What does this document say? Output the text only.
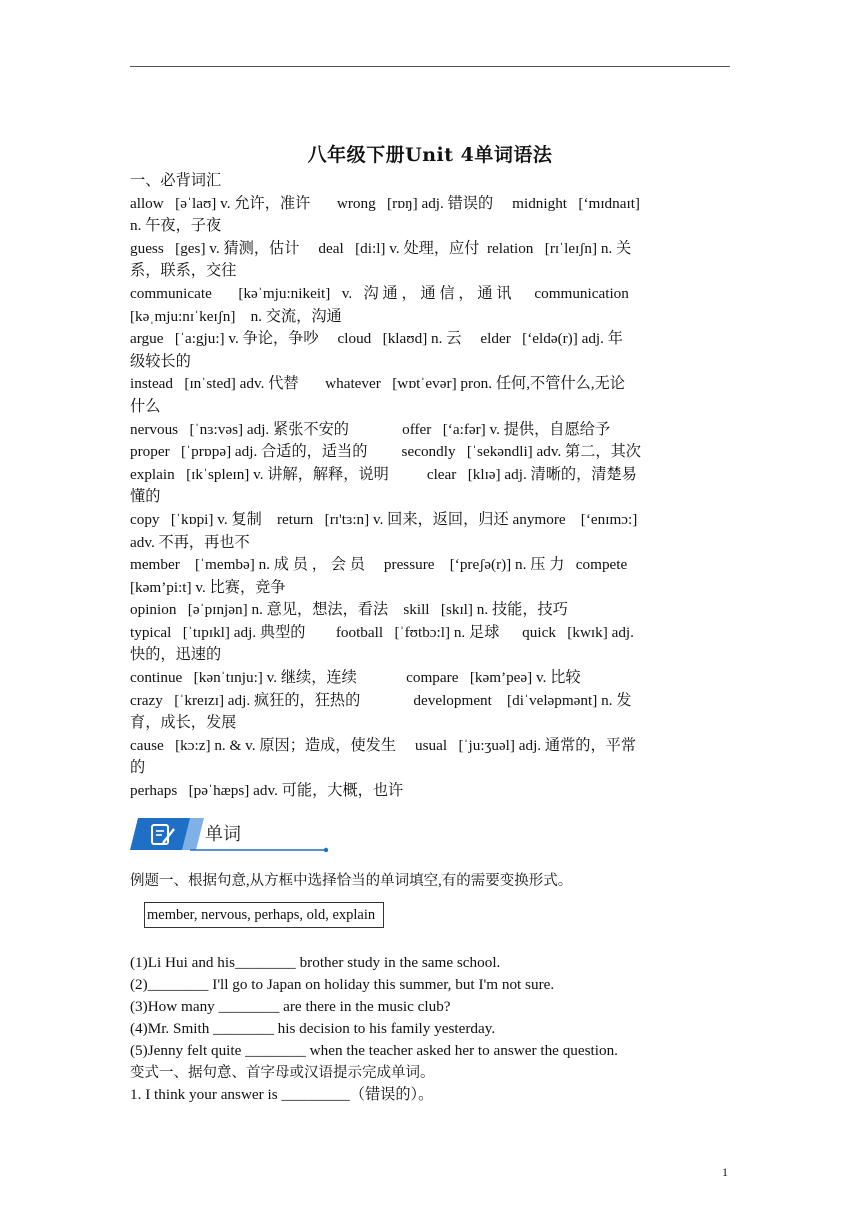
八年级下册Unit 4单词语法
一、必背词汇
allow   [əˈlaʊ] v. 允许，准许       wrong   [rɒŋ] adj. 错误的     midnight   [‘mɪdnaɪt]
n. 午夜，子夜
guess   [ges] v. 猜测，估计     deal   [di:l] v. 处理，应付  relation   [rɪˈleɪʃn] n. 关
系，联系，交往
communicate       [kəˈmju:nikeit]   v.   沟 通 ， 通 信 ， 通 讯      communication
[kəˌmju:nɪˈkeɪʃn]    n. 交流，沟通
argue   [ˈa:gju:] v. 争论，争吵     cloud   [klaʊd] n. 云     elder   [‘eldə(r)] adj. 年
级较长的
instead   [ɪnˈsted] adv. 代替       whatever   [wɒtˈevər] pron. 任何,不管什么,无论
什么
nervous   [ˈnɜ:vəs] adj. 紧张不安的              offer   [‘a:fər] v. 提供，自愿给予
proper   [ˈprɒpə] adj. 合适的，适当的         secondly   [ˈsekəndli] adv. 第二，其次
explain   [ɪkˈspleɪn] v. 讲解，解释，说明          clear   [klɪə] adj. 清晰的，清楚易
懂的
copy   [ˈkɒpi] v. 复制    return   [rɪ'tɜ:n] v. 回来，返回，归还 anymore    [‘enɪmɔ:]
adv. 不再，再也不
member    [ˈmembə] n. 成 员 ， 会 员     pressure    [‘preʃə(r)] n. 压 力   compete
[kəm’pi:t] v. 比赛，竞争
opinion   [əˈpɪnjən] n. 意见，想法，看法    skill   [skɪl] n. 技能，技巧
typical   [ˈtɪpɪkl] adj. 典型的        football   [ˈfʊtbɔ:l] n. 足球      quick   [kwɪk] adj.
快的，迅速的
continue   [kənˈtɪnju:] v. 继续，连续             compare   [kəm’peə] v. 比较
crazy   [ˈkreɪzɪ] adj. 疯狂的，狂热的              development    [diˈveləpmənt] n. 发
育，成长，发展
cause   [kɔ:z] n. & v. 原因；造成，使发生     usual   [ˈju:ʒuəl] adj. 通常的，平常
的
perhaps   [pəˈhæps] adv. 可能，大概，也许
单词
例题一、根据句意,从方框中选择恰当的单词填空,有的需要变换形式。
member, nervous, perhaps, old, explain
(1)Li Hui and his________ brother study in the same school.
(2)________ I'll go to Japan on holiday this summer, but I'm not sure.
(3)How many ________ are there in the music club?
(4)Mr. Smith ________ his decision to his family yesterday.
(5)Jenny felt quite ________ when the teacher asked her to answer the question.
变式一、据句意、首字母或汉语提示完成单词。
1. I think your answer is _________（错误的）。
1
